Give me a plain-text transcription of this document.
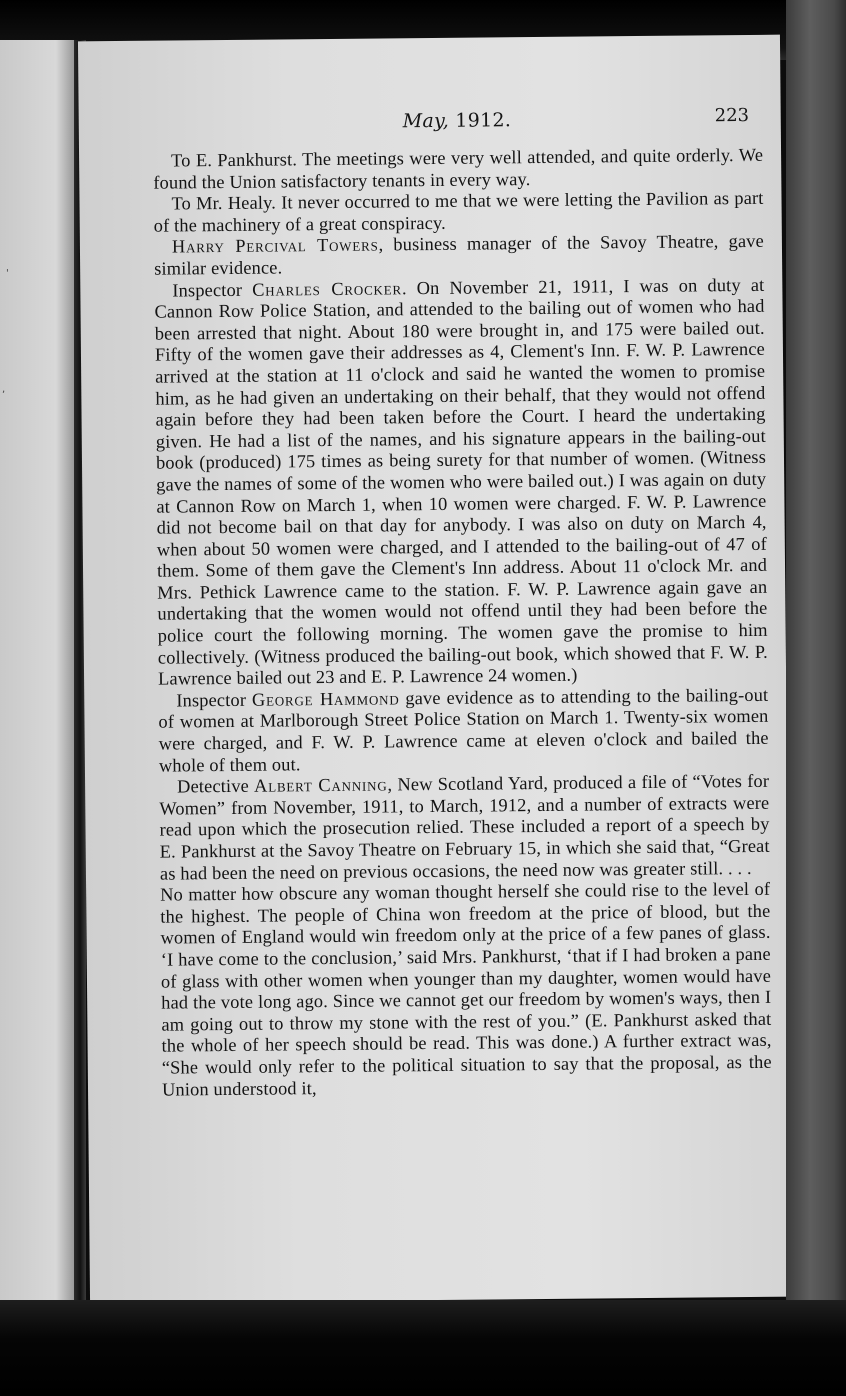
'
,
May, 1912.	223

To E. Pankhurst. The meetings were very well attended, and quite orderly. We found the Union satisfactory tenants in every way.

To Mr. Healy. It never occurred to me that we were letting the Pavilion as part of the machinery of a great conspiracy.

Harry Percival Towers, business manager of the Savoy Theatre, gave similar evidence.

Inspector Charles Crocker. On November 21, 1911, I was on duty at Cannon Row Police Station, and attended to the bailing out of women who had been arrested that night. About 180 were brought in, and 175 were bailed out. Fifty of the women gave their addresses as 4, Clement's Inn. F. W. P. Lawrence arrived at the station at 11 o'clock and said he wanted the women to promise him, as he had given an undertaking on their behalf, that they would not offend again before they had been taken before the Court. I heard the undertaking given. He had a list of the names, and his signature appears in the bailing-out book (produced) 175 times as being surety for that number of women. (Witness gave the names of some of the women who were bailed out.) I was again on duty at Cannon Row on March 1, when 10 women were charged. F. W. P. Lawrence did not become bail on that day for anybody. I was also on duty on March 4, when about 50 women were charged, and I attended to the bailing-out of 47 of them. Some of them gave the Clement's Inn address. About 11 o'clock Mr. and Mrs. Pethick Lawrence came to the station. F. W. P. Lawrence again gave an undertaking that the women would not offend until they had been before the police court the following morning. The women gave the promise to him collectively. (Witness produced the bailing-out book, which showed that F. W. P. Lawrence bailed out 23 and E. P. Lawrence 24 women.)

Inspector George Hammond gave evidence as to attending to the bailing-out of women at Marlborough Street Police Station on March 1. Twenty-six women were charged, and F. W. P. Lawrence came at eleven o'clock and bailed the whole of them out.

Detective Albert Canning, New Scotland Yard, produced a file of “Votes for Women” from November, 1911, to March, 1912, and a number of extracts were read upon which the prosecution relied. These included a report of a speech by E. Pankhurst at the Savoy Theatre on February 15, in which she said that, “Great as had been the need on previous occasions, the need now was greater still. . . .

No matter how obscure any woman thought herself she could rise to the level of the highest. The people of China won freedom at the price of blood, but the women of England would win freedom only at the price of a few panes of glass. ‘I have come to the conclusion,’ said Mrs. Pankhurst, ‘that if I had broken a pane of glass with other women when younger than my daughter, women would have had the vote long ago. Since we cannot get our freedom by women's ways, then I am going out to throw my stone with the rest of you.” (E. Pankhurst asked that the whole of her speech should be read. This was done.) A further extract was, “She would only refer to the political situation to say that the proposal, as the Union understood it,
